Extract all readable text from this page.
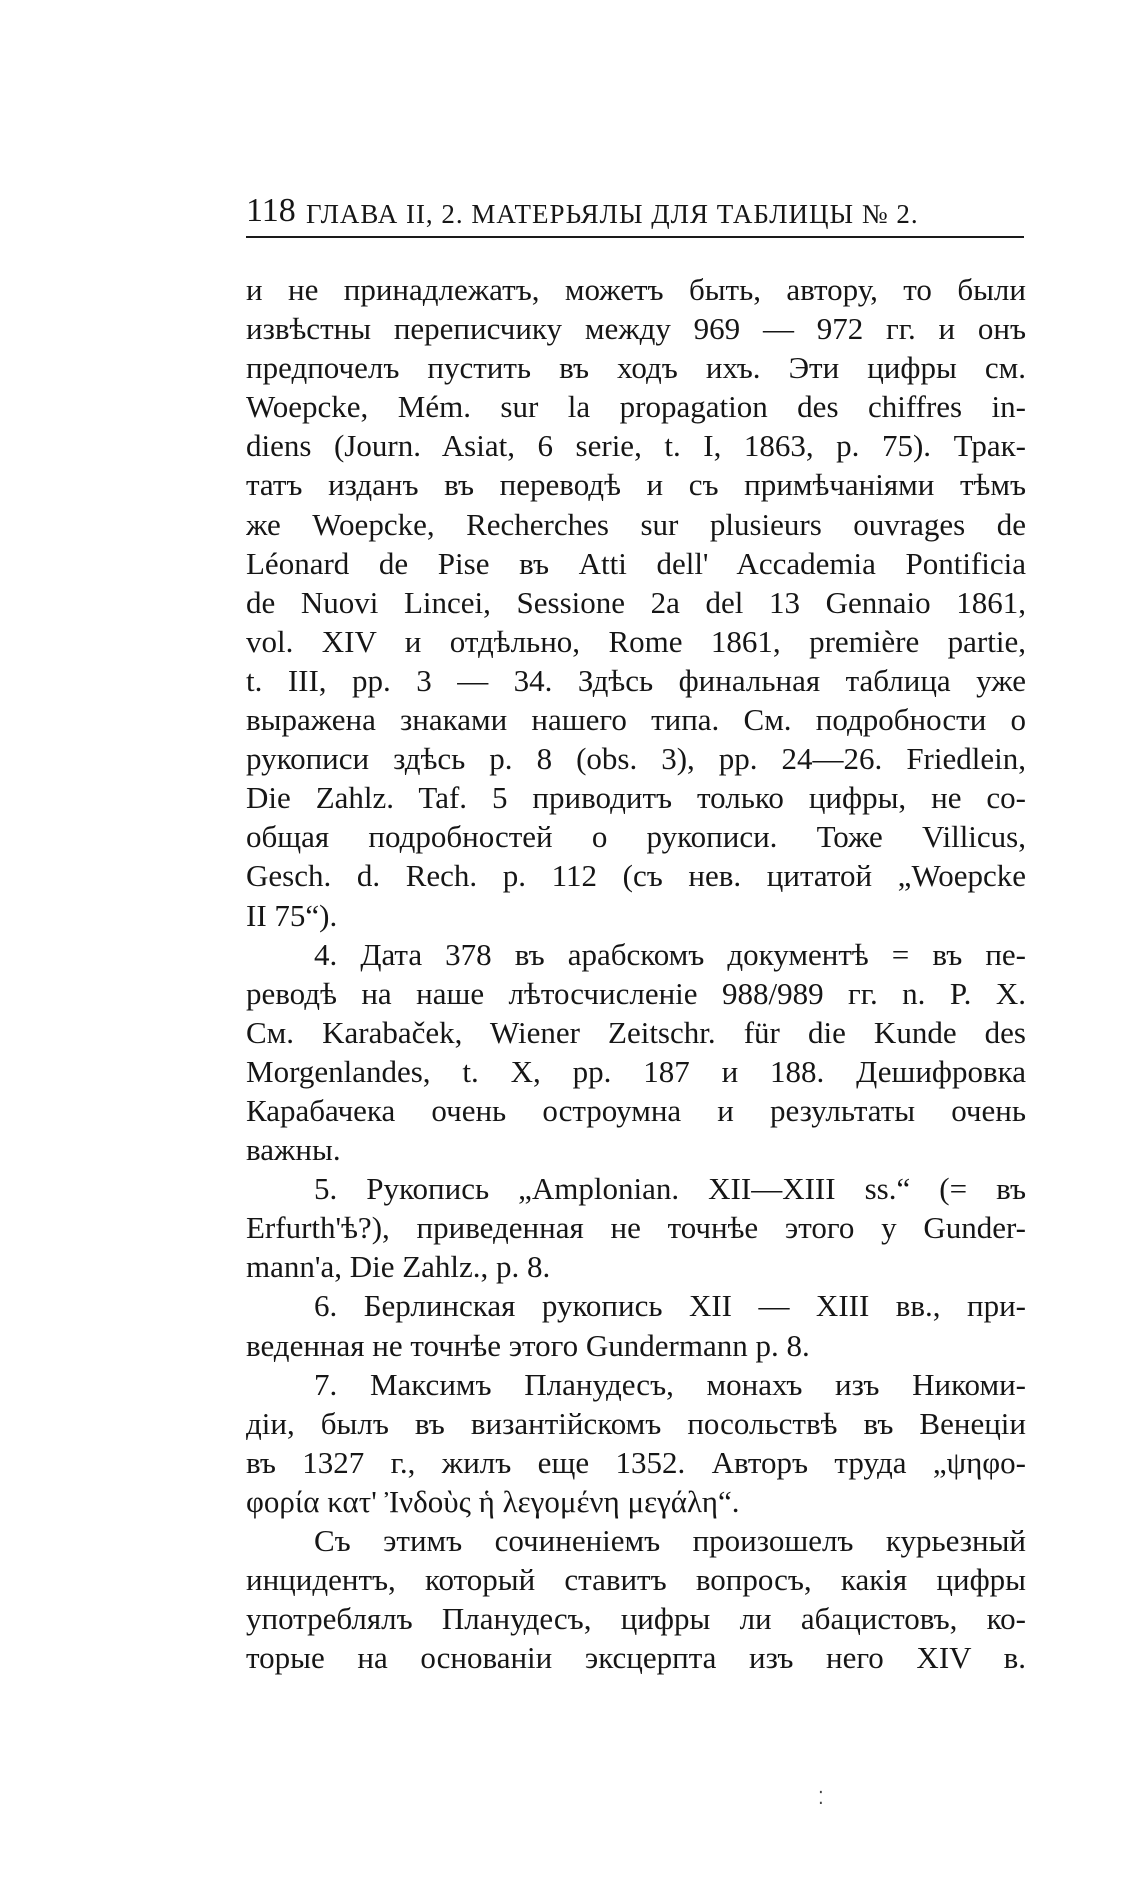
118 ГЛАВА II, 2. МАТЕРЬЯЛЫ ДЛЯ ТАБЛИЦЫ № 2.
и не принадлежатъ, можетъ быть, автору, то были
извѣстны переписчику между 969 — 972 гг. и онъ
предпочелъ пустить въ ходъ ихъ. Эти цифры см.
Woepcke, Mém. sur la propagation des chiffres in-
diens (Journ. Asiat, 6 serie, t. I, 1863, p. 75). Трак-
татъ изданъ въ переводѣ и съ примѣчаніями тѣмъ
же Woepcke, Recherches sur plusieurs ouvrages de
Léonard de Pise въ Atti dell' Accademia Pontificia
de Nuovi Lincei, Sessione 2a del 13 Gennaio 1861,
vol. XIV и отдѣльно, Rome 1861, première partie,
t. III, pp. 3 — 34. Здѣсь финальная таблица уже
выражена знаками нашего типа. См. подробности о
рукописи здѣсь р. 8 (obs. 3), pp. 24—26. Friedlein,
Die Zahlz. Taf. 5 приводитъ только цифры, не со-
общая подробностей о рукописи. Тоже Villicus,
Gesch. d. Rech. p. 112 (съ нев. цитатой „Woepcke
II 75“).
4. Дата 378 въ арабскомъ документѣ = въ пе-
реводѣ на наше лѣтосчисленіе 988/989 гг. n. P. X.
См. Karabaček, Wiener Zeitschr. für die Kunde des
Morgenlandes, t. X, pp. 187 и 188. Дешифровка
Карабачека очень остроумна и результаты очень
важны.
5. Рукопись „Amplonian. XII—XIII ss.“ (= въ
Erfurth'ѣ?), приведенная не точнѣе этого у Gunder-
mann'a, Die Zahlz., p. 8.
6. Берлинская рукопись XII — XIII вв., при-
веденная не точнѣе этого Gundermann p. 8.
7. Максимъ Планудесъ, монахъ изъ Никоми-
діи, былъ въ византійскомъ посольствѣ въ Венеціи
въ 1327 г., жилъ еще 1352. Авторъ труда „ψηφο-
φορία κατ' Ἰνδοὺς ἡ λεγομένη μεγάλη“.
Съ этимъ сочиненіемъ произошелъ курьезный
инцидентъ, который ставитъ вопросъ, какія цифры
употреблялъ Планудесъ, цифры ли абацистовъ, ко-
торые на основаніи эксцерпта изъ него XIV в.
⁚
